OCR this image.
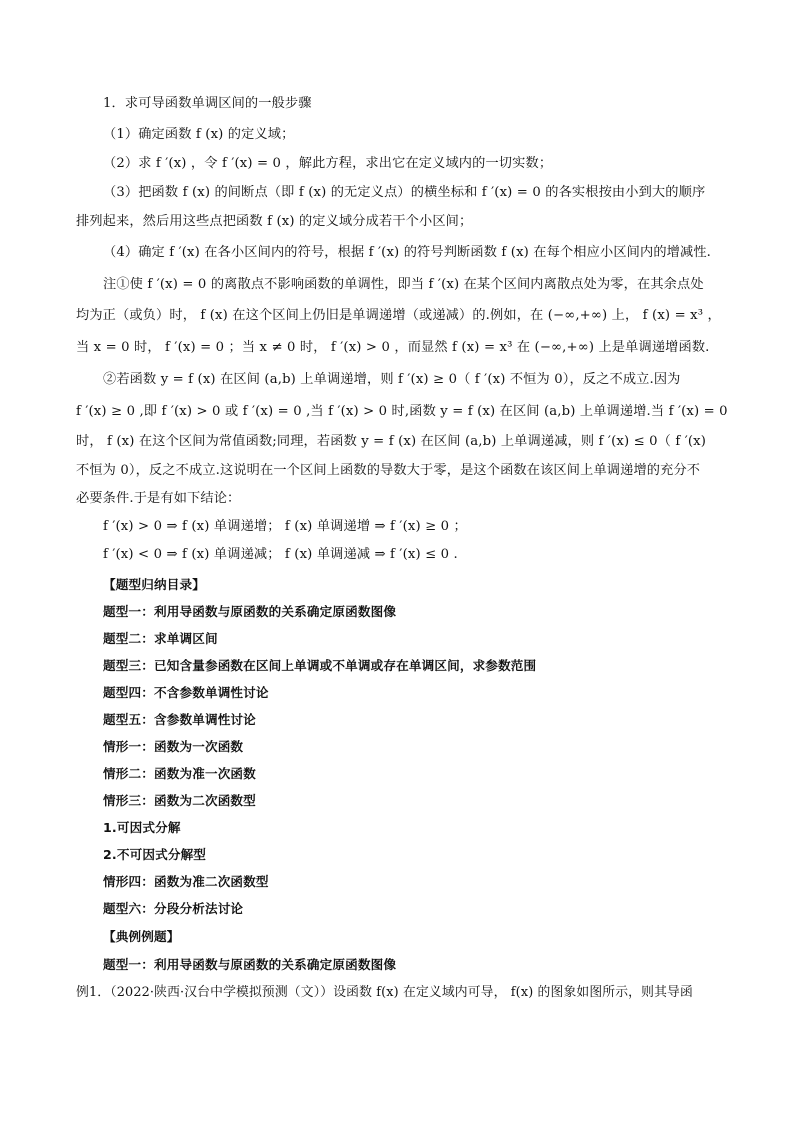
1．求可导函数单调区间的一般步骤
（1）确定函数 f (x) 的定义域；
（2）求 f ′(x) ，令 f ′(x) = 0 ，解此方程，求出它在定义域内的一切实数；
（3）把函数 f (x) 的间断点（即 f (x) 的无定义点）的横坐标和 f ′(x) = 0 的各实根按由小到大的顺序
排列起来，然后用这些点把函数 f (x) 的定义域分成若干个小区间；
（4）确定 f ′(x) 在各小区间内的符号，根据 f ′(x) 的符号判断函数 f (x) 在每个相应小区间内的增减性.
注①使 f ′(x) = 0 的离散点不影响函数的单调性，即当 f ′(x) 在某个区间内离散点处为零，在其余点处
均为正（或负）时， f (x) 在这个区间上仍旧是单调递增（或递减）的.例如，在 (−∞,+∞) 上， f (x) = x³ ，
当 x = 0 时， f ′(x) = 0 ；当 x ≠ 0 时， f ′(x) > 0 ，而显然 f (x) = x³ 在 (−∞,+∞) 上是单调递增函数.
②若函数 y = f (x) 在区间 (a,b) 上单调递增，则 f ′(x) ≥ 0（ f ′(x) 不恒为 0），反之不成立.因为
f ′(x) ≥ 0 ,即 f ′(x) > 0 或 f ′(x) = 0 ,当 f ′(x) > 0 时,函数 y = f (x) 在区间 (a,b) 上单调递增.当 f ′(x) = 0
时， f (x) 在这个区间为常值函数;同理，若函数 y = f (x) 在区间 (a,b) 上单调递减，则 f ′(x) ≤ 0（ f ′(x)
不恒为 0），反之不成立.这说明在一个区间上函数的导数大于零，是这个函数在该区间上单调递增的充分不
必要条件.于是有如下结论：
f ′(x) > 0 ⇒ f (x) 单调递增； f (x) 单调递增 ⇒ f ′(x) ≥ 0 ；
f ′(x) < 0 ⇒ f (x) 单调递减； f (x) 单调递减 ⇒ f ′(x) ≤ 0 .
【题型归纳目录】
题型一：利用导函数与原函数的关系确定原函数图像
题型二：求单调区间
题型三：已知含量参函数在区间上单调或不单调或存在单调区间，求参数范围
题型四：不含参数单调性讨论
题型五：含参数单调性讨论
情形一：函数为一次函数
情形二：函数为准一次函数
情形三：函数为二次函数型
1.可因式分解
2.不可因式分解型
情形四：函数为准二次函数型
题型六：分段分析法讨论
【典例例题】
题型一：利用导函数与原函数的关系确定原函数图像
例1．（2022·陕西·汉台中学模拟预测（文））设函数 f(x) 在定义域内可导， f(x) 的图象如图所示，则其导函
